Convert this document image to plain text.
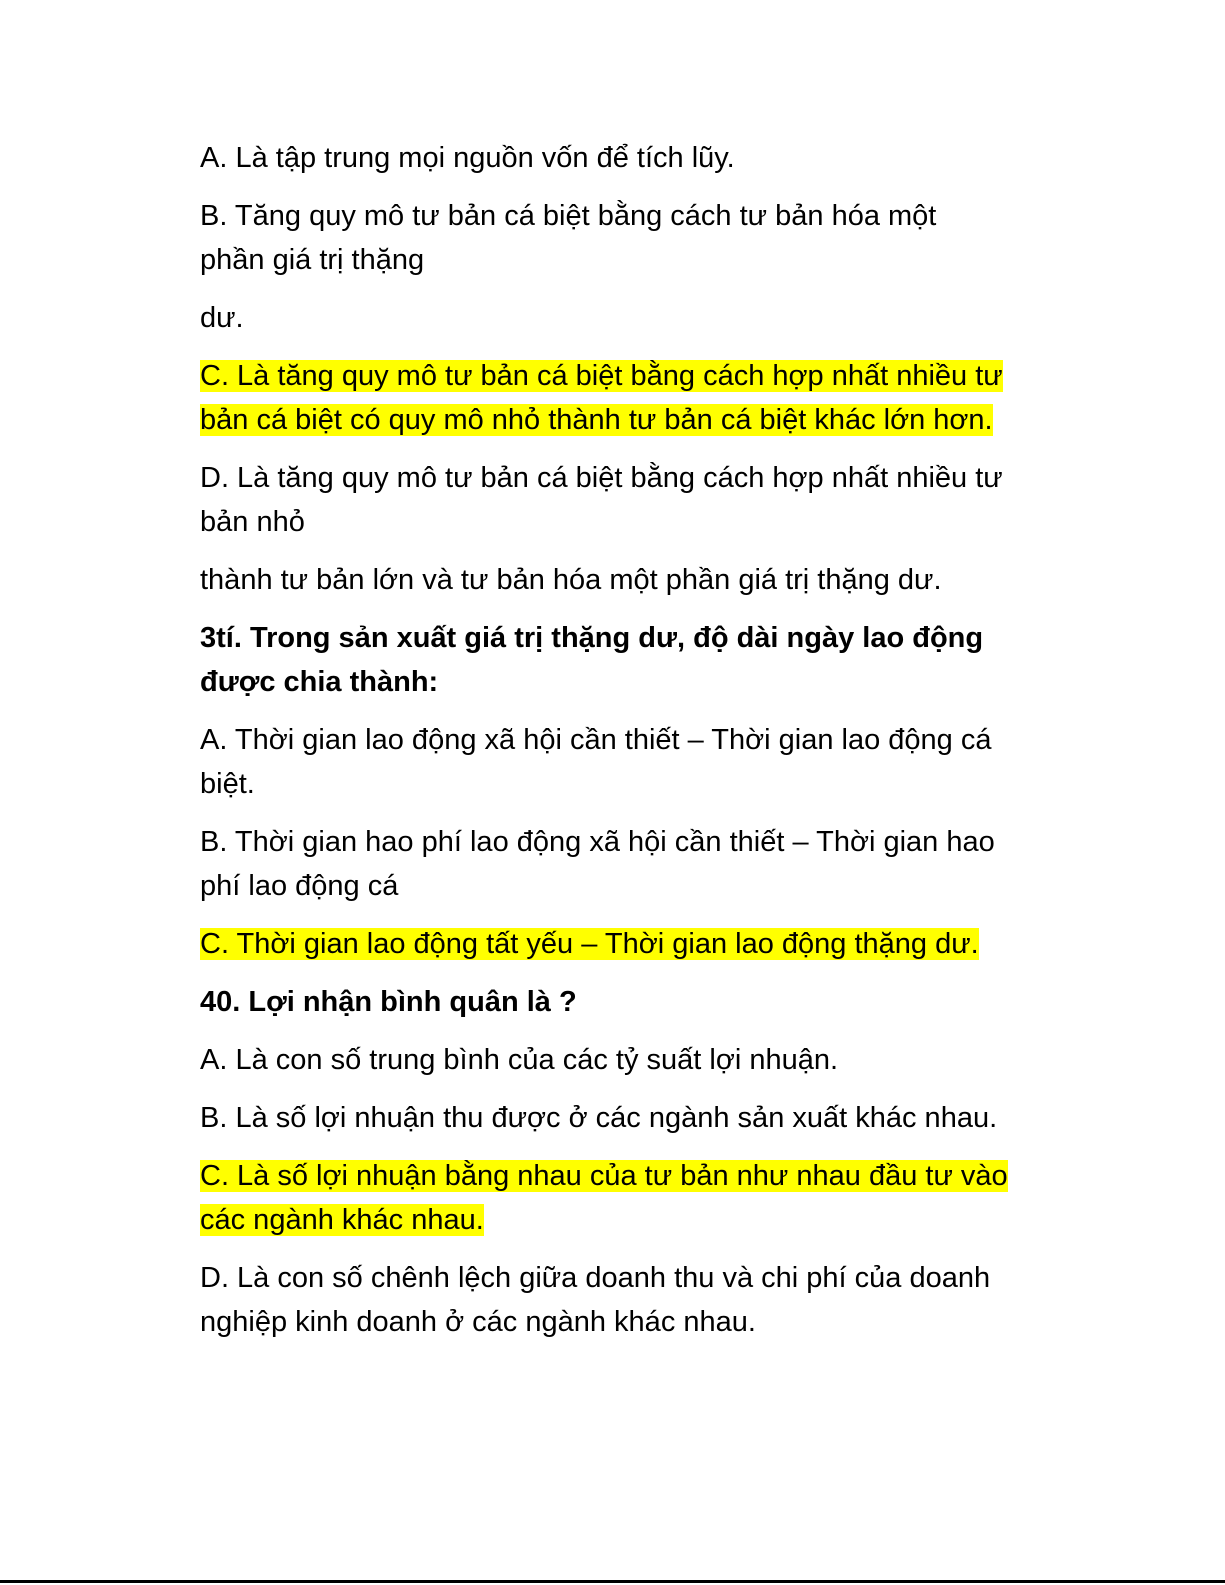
A. Là tập trung mọi nguồn vốn để tích lũy.

B. Tăng quy mô tư bản cá biệt bằng cách tư bản hóa một phần giá trị thặng

dư.

C. Là tăng quy mô tư bản cá biệt bằng cách hợp nhất nhiều tư bản cá biệt có quy mô nhỏ thành tư bản cá biệt khác lớn hơn.

D. Là tăng quy mô tư bản cá biệt bằng cách hợp nhất nhiều tư bản nhỏ

thành tư bản lớn và tư bản hóa một phần giá trị thặng dư.

3tí. Trong sản xuất giá trị thặng dư, độ dài ngày lao động được chia thành:

A. Thời gian lao động xã hội cần thiết – Thời gian lao động cá biệt.

B. Thời gian hao phí lao động xã hội cần thiết – Thời gian hao phí lao động cá

C. Thời gian lao động tất yếu – Thời gian lao động thặng dư.

40. Lợi nhận bình quân là ?

A. Là con số trung bình của các tỷ suất lợi nhuận.

B. Là số lợi nhuận thu được ở các ngành sản xuất khác nhau.

C. Là số lợi nhuận bằng nhau của tư bản như nhau đầu tư vào các ngành khác nhau.

D. Là con số chênh lệch giữa doanh thu và chi phí của doanh nghiệp kinh doanh ở các ngành khác nhau.
